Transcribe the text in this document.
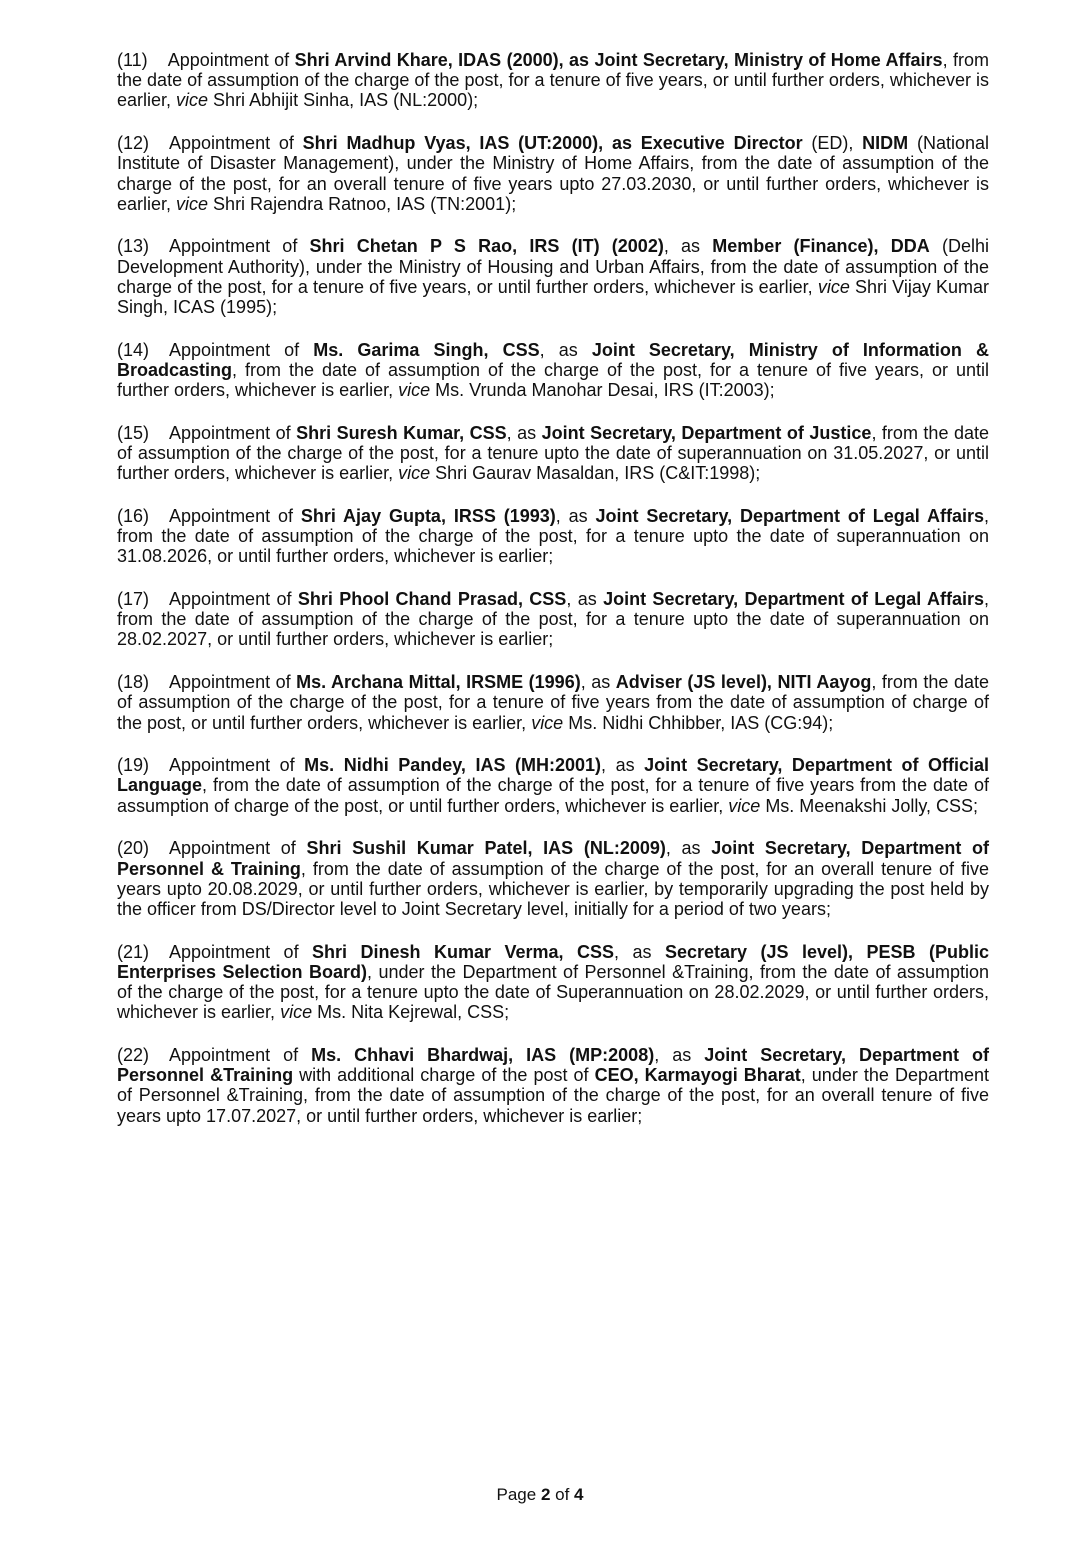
(11) Appointment of Shri Arvind Khare, IDAS (2000), as Joint Secretary, Ministry of Home Affairs, from the date of assumption of the charge of the post, for a tenure of five years, or until further orders, whichever is earlier, vice Shri Abhijit Sinha, IAS (NL:2000);

(12) Appointment of Shri Madhup Vyas, IAS (UT:2000), as Executive Director (ED), NIDM (National Institute of Disaster Management), under the Ministry of Home Affairs, from the date of assumption of the charge of the post, for an overall tenure of five years upto 27.03.2030, or until further orders, whichever is earlier, vice Shri Rajendra Ratnoo, IAS (TN:2001);

(13) Appointment of Shri Chetan P S Rao, IRS (IT) (2002), as Member (Finance), DDA (Delhi Development Authority), under the Ministry of Housing and Urban Affairs, from the date of assumption of the charge of the post, for a tenure of five years, or until further orders, whichever is earlier, vice Shri Vijay Kumar Singh, ICAS (1995);

(14) Appointment of Ms. Garima Singh, CSS, as Joint Secretary, Ministry of Information & Broadcasting, from the date of assumption of the charge of the post, for a tenure of five years, or until further orders, whichever is earlier, vice Ms. Vrunda Manohar Desai, IRS (IT:2003);

(15) Appointment of Shri Suresh Kumar, CSS, as Joint Secretary, Department of Justice, from the date of assumption of the charge of the post, for a tenure upto the date of superannuation on 31.05.2027, or until further orders, whichever is earlier, vice Shri Gaurav Masaldan, IRS (C&IT:1998);

(16) Appointment of Shri Ajay Gupta, IRSS (1993), as Joint Secretary, Department of Legal Affairs, from the date of assumption of the charge of the post, for a tenure upto the date of superannuation on 31.08.2026, or until further orders, whichever is earlier;

(17) Appointment of Shri Phool Chand Prasad, CSS, as Joint Secretary, Department of Legal Affairs, from the date of assumption of the charge of the post, for a tenure upto the date of superannuation on 28.02.2027, or until further orders, whichever is earlier;

(18) Appointment of Ms. Archana Mittal, IRSME (1996), as Adviser (JS level), NITI Aayog, from the date of assumption of the charge of the post, for a tenure of five years from the date of assumption of charge of the post, or until further orders, whichever is earlier, vice Ms. Nidhi Chhibber, IAS (CG:94);

(19) Appointment of Ms. Nidhi Pandey, IAS (MH:2001), as Joint Secretary, Department of Official Language, from the date of assumption of the charge of the post, for a tenure of five years from the date of assumption of charge of the post, or until further orders, whichever is earlier, vice Ms. Meenakshi Jolly, CSS;

(20) Appointment of Shri Sushil Kumar Patel, IAS (NL:2009), as Joint Secretary, Department of Personnel & Training, from the date of assumption of the charge of the post, for an overall tenure of five years upto 20.08.2029, or until further orders, whichever is earlier, by temporarily upgrading the post held by the officer from DS/Director level to Joint Secretary level, initially for a period of two years;

(21) Appointment of Shri Dinesh Kumar Verma, CSS, as Secretary (JS level), PESB (Public Enterprises Selection Board), under the Department of Personnel &Training, from the date of assumption of the charge of the post, for a tenure upto the date of Superannuation on 28.02.2029, or until further orders, whichever is earlier, vice Ms. Nita Kejrewal, CSS;

(22) Appointment of Ms. Chhavi Bhardwaj, IAS (MP:2008), as Joint Secretary, Department of Personnel &Training with additional charge of the post of CEO, Karmayogi Bharat, under the Department of Personnel &Training, from the date of assumption of the charge of the post, for an overall tenure of five years upto 17.07.2027, or until further orders, whichever is earlier;

Page 2 of 4
